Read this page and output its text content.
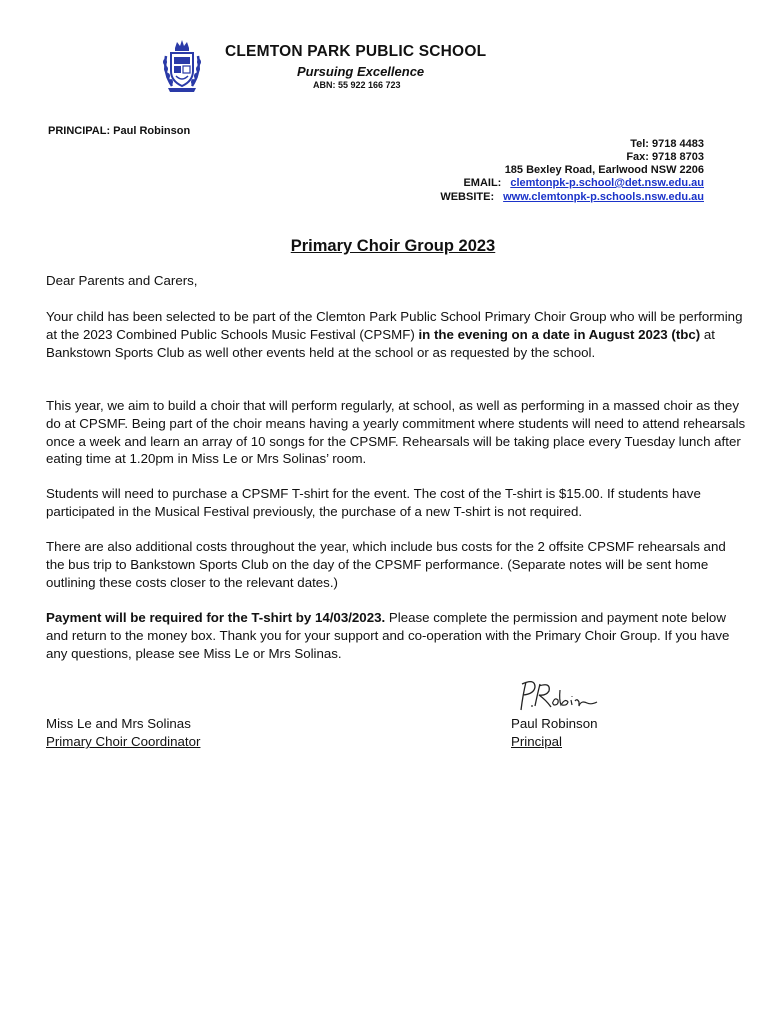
CLEMTON PARK PUBLIC SCHOOL
Pursuing Excellence
ABN: 55 922 166 723
PRINCIPAL: Paul Robinson
Tel: 9718 4483
Fax: 9718 8703
185 Bexley Road, Earlwood NSW 2206
EMAIL: clemtonpk-p.school@det.nsw.edu.au
WEBSITE: www.clemtonpk-p.schools.nsw.edu.au
Primary Choir Group 2023

Dear Parents and Carers,

Your child has been selected to be part of the Clemton Park Public School Primary Choir Group who will be performing at the 2023 Combined Public Schools Music Festival (CPSMF) in the evening on a date in August 2023 (tbc) at Bankstown Sports Club as well other events held at the school or as requested by the school.

This year, we aim to build a choir that will perform regularly, at school, as well as performing in a massed choir as they do at CPSMF. Being part of the choir means having a yearly commitment where students will need to attend rehearsals once a week and learn an array of 10 songs for the CPSMF. Rehearsals will be taking place every Tuesday lunch after eating time at 1.20pm in Miss Le or Mrs Solinas’ room.

Students will need to purchase a CPSMF T-shirt for the event. The cost of the T-shirt is $15.00. If students have participated in the Musical Festival previously, the purchase of a new T-shirt is not required.

There are also additional costs throughout the year, which include bus costs for the 2 offsite CPSMF rehearsals and the bus trip to Bankstown Sports Club on the day of the CPSMF performance. (Separate notes will be sent home outlining these costs closer to the relevant dates.)

Payment will be required for the T-shirt by 14/03/2023. Please complete the permission and payment note below and return to the money box. Thank you for your support and co-operation with the Primary Choir Group. If you have any questions, please see Miss Le or Mrs Solinas.

Miss Le and Mrs Solinas
Primary Choir Coordinator
Paul Robinson
Principal
